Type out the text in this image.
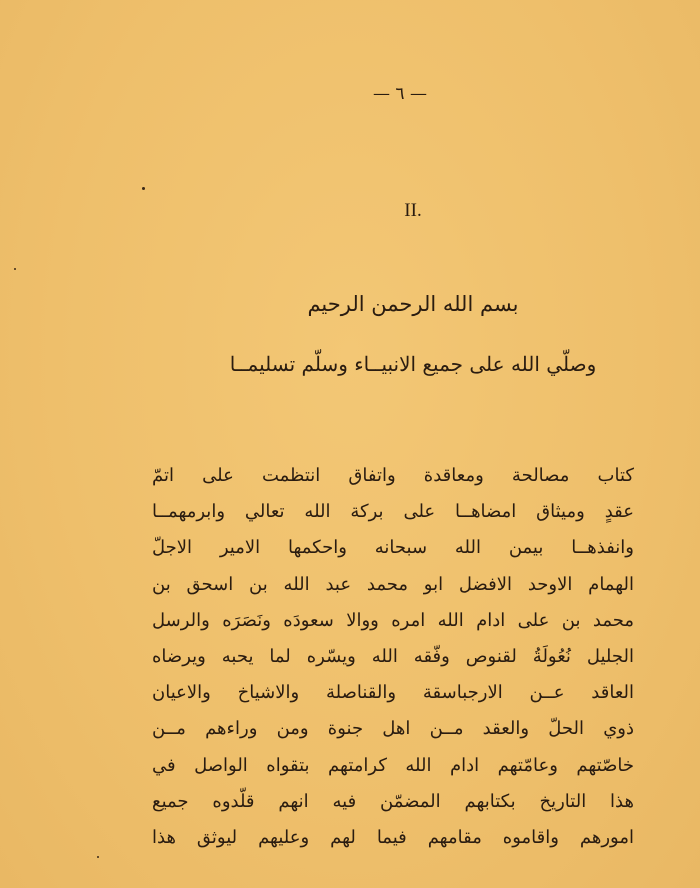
— ٦ —
II.
بسم الله الرحمن الرحيم
وصلّي الله على جميع الانبيــاء وسلّم تسليمــا
كتاب مصالحة ومعاقدة واتفاق انتظمت على اتمّ
عقدٍ وميثاق امضاهــا على بركة الله تعالي وابرمهمــا
وانفذهــا بيمن الله سبحانه واحكمها الامير الاجلّ
الهمام الاوحد الافضل ابو محمد عبد الله بن اسحق بن
محمد بن على ادام الله امره ووالا سعودَه ونَصَرَه والرسل
الجليل نُعُولَةُ لقنوص وفّقه الله ويسّره لما يحبه ويرضاه
العاقد عــن الارجباسقة والقناصلة والاشياخ والاعيان
ذوي الحلّ والعقد مــن اهل جنوة ومن وراءهم مــن
خاصّتهم وعامّتهم ادام الله كرامتهم بتقواه الواصل في
هذا التاريخ بكتابهم المضمّن فيه انهم قلّدوه جميع
امورهم واقاموه مقامهم فيما لهم وعليهم ليوثق هذا
